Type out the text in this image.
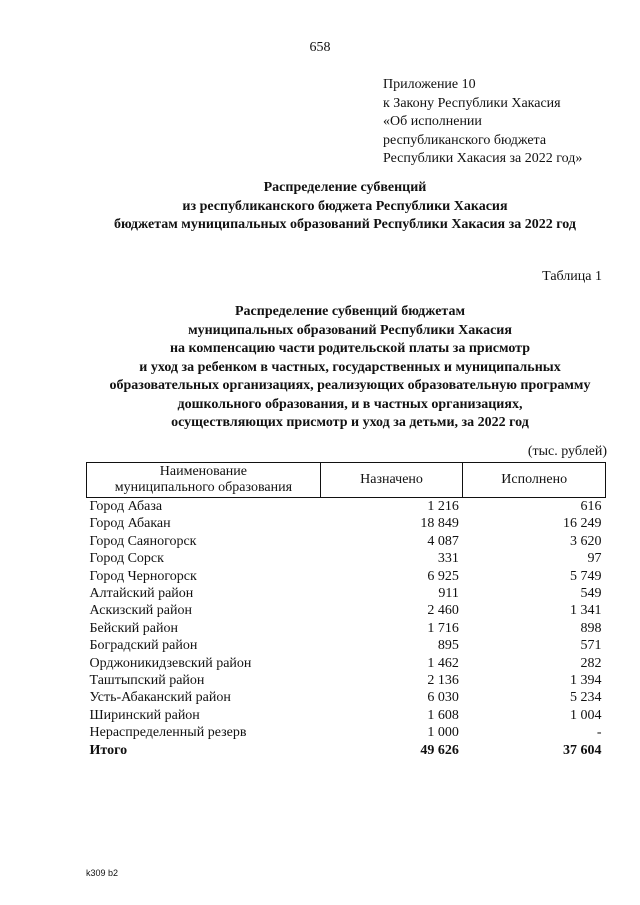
658
Приложение 10
к Закону Республики Хакасия
«Об исполнении
республиканского бюджета
Республики Хакасия за 2022 год»
Распределение субвенций
из республиканского бюджета Республики Хакасия
бюджетам муниципальных образований Республики Хакасия за 2022 год
Таблица 1
Распределение субвенций бюджетам
муниципальных образований Республики Хакасия
на компенсацию части родительской платы за присмотр
и уход за ребенком в частных, государственных и муниципальных
образовательных организациях, реализующих образовательную программу
дошкольного образования, и в частных организациях,
осуществляющих присмотр и уход за детьми, за 2022 год
(тыс. рублей)
Наименование
муниципального образования	Назначено	Исполнено
Город Абаза	1 216	616
Город Абакан	18 849	16 249
Город Саяногорск	4 087	3 620
Город Сорск	331	97
Город Черногорск	6 925	5 749
Алтайский район	911	549
Аскизский район	2 460	1 341
Бейский район	1 716	898
Боградский район	895	571
Орджоникидзевский район	1 462	282
Таштыпский район	2 136	1 394
Усть-Абаканский район	6 030	5 234
Ширинский район	1 608	1 004
Нераспределенный резерв	1 000	-
Итого	49 626	37 604
k309 b2
